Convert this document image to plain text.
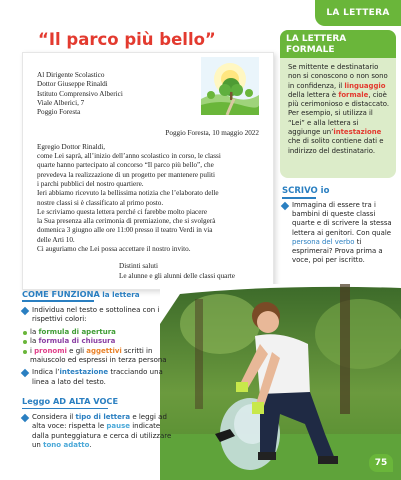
LA LETTERA
“Il parco più bello”
Al Dirigente Scolastico
Dottor Giuseppe Rinaldi
Istituto Comprensivo Alberici
Viale Alberici, 7
Poggio Foresta
Poggio Foresta, 10 maggio 2022
Egregio Dottor Rinaldi,
come Lei saprà, all’inizio dell’anno scolastico in corso, le classi
quarte hanno partecipato al concorso “Il parco più bello”, che
prevedeva la realizzazione di un progetto per mantenere puliti
i parchi pubblici del nostro quartiere.
Ieri abbiamo ricevuto la bellissima notizia che l’elaborato delle
nostre classi si è classificato al primo posto.
Le scriviamo questa lettera perché ci farebbe molto piacere
la Sua presenza alla cerimonia di premiazione, che si svolgerà
domenica 3 giugno alle ore 11:00 presso il teatro Verdi in via
delle Arti 10.
Ci auguriamo che Lei possa accettare il nostro invito.
Distinti saluti
Le alunne e gli alunni delle classi quarte
LA LETTERA
FORMALE
Se mittente e destinatario non si conoscono o non sono in confidenza, il linguaggio della lettera è formale, cioè più cerimonioso e distaccato. Per esempio, si utilizza il “Lei” e alla lettera si aggiunge un’intestazione che di solito contiene dati e indirizzo del destinatario.
SCRIVO io
Immagina di essere tra i bambini di queste classi quarte e di scrivere la stessa lettera ai genitori. Con quale persona del verbo ti esprimerai? Prova prima a voce, poi per iscritto.
COME FUNZIONA la lettera
Individua nel testo e sottolinea con i rispettivi colori:
la formula di apertura
la formula di chiusura
i pronomi e gli aggettivi scritti in maiuscolo ed espressi in terza persona
Indica l’intestazione tracciando una linea a lato del testo.
Leggo AD ALTA VOCE
Considera il tipo di lettera e leggi ad alta voce: rispetta le pause indicate dalla punteggiatura e cerca di utilizzare un tono adatto.
75
